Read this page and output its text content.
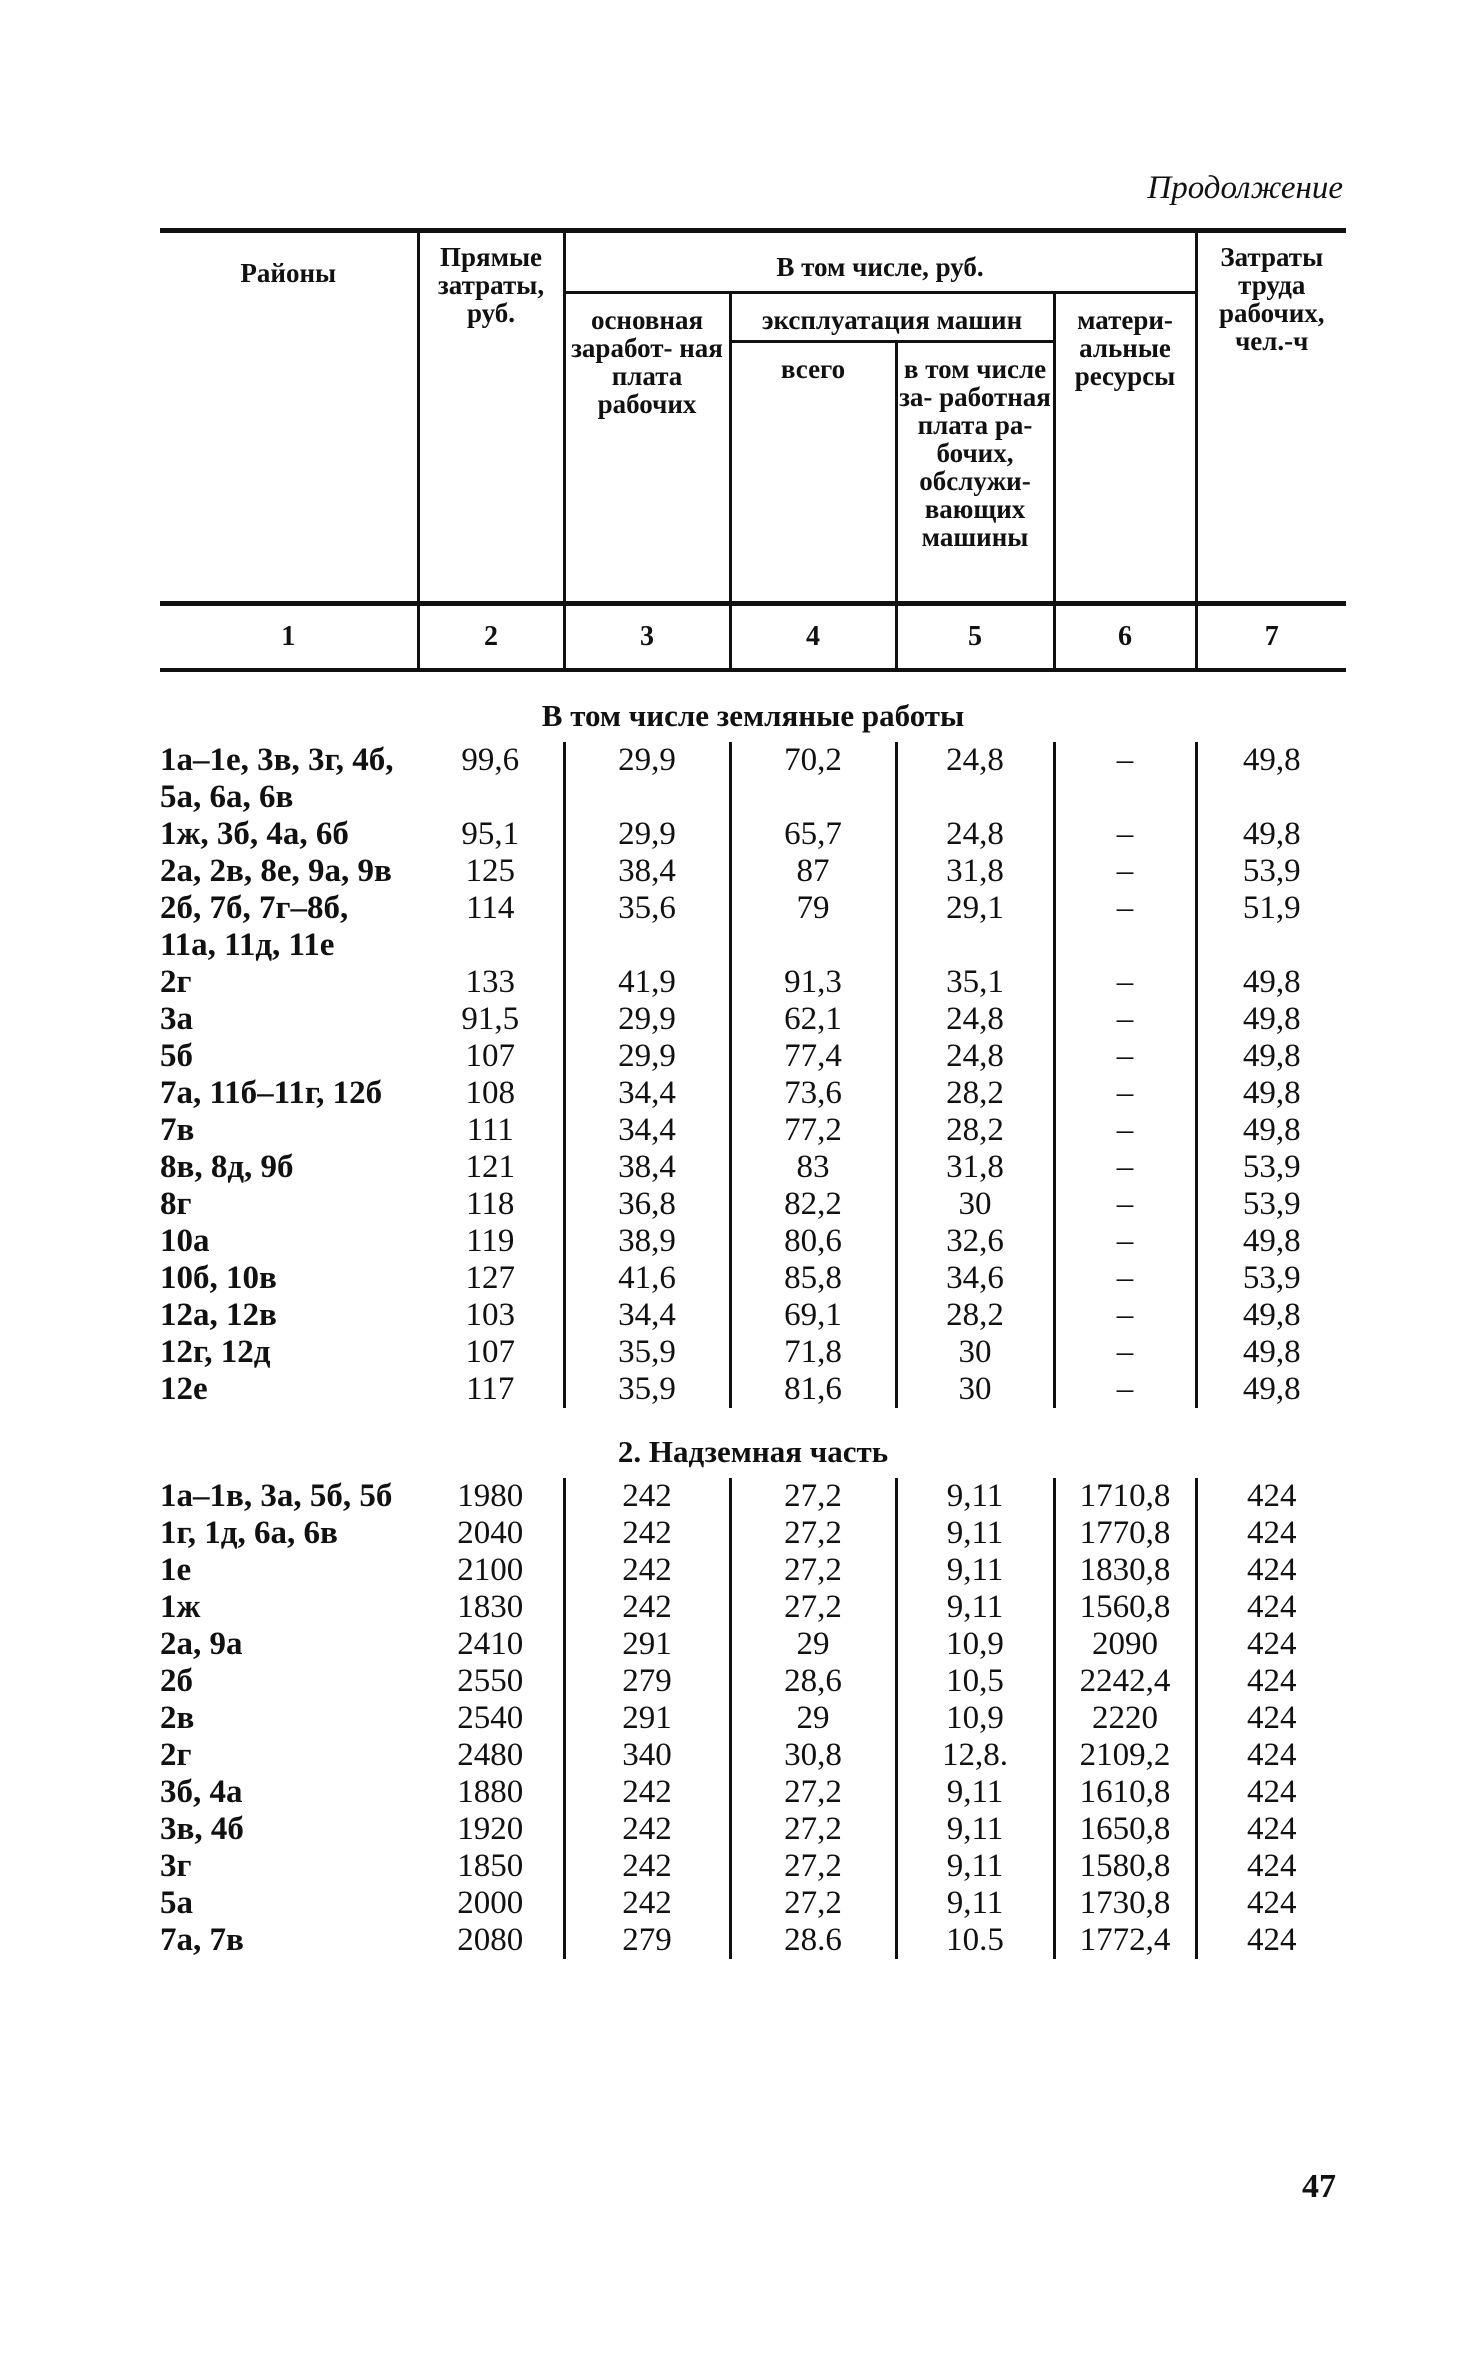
Продолжение
Районы	Прямые затраты, руб.	В том числе, руб.				Затраты труда рабочих, чел.-ч
		основная заработ- ная плата рабочих	эксплуатация машин		матери- альные ресурсы	
			всего	в том числе за- работная плата ра- бочих, обслужи- вающих машины		
1	2	3	4	5	6	7
В том числе земляные работы						
1а–1е, 3в, 3г, 4б, 5а, 6а, 6в	99,6	29,9	70,2	24,8	–	49,8
1ж, 3б, 4а, 6б	95,1	29,9	65,7	24,8	–	49,8
2а, 2в, 8е, 9а, 9в	125	38,4	87	31,8	–	53,9
2б, 7б, 7г–8б, 11а, 11д, 11е	114	35,6	79	29,1	–	51,9
2г	133	41,9	91,3	35,1	–	49,8
3а	91,5	29,9	62,1	24,8	–	49,8
5б	107	29,9	77,4	24,8	–	49,8
7а, 11б–11г, 12б	108	34,4	73,6	28,2	–	49,8
7в	111	34,4	77,2	28,2	–	49,8
8в, 8д, 9б	121	38,4	83	31,8	–	53,9
8г	118	36,8	82,2	30	–	53,9
10а	119	38,9	80,6	32,6	–	49,8
10б, 10в	127	41,6	85,8	34,6	–	53,9
12а, 12в	103	34,4	69,1	28,2	–	49,8
12г, 12д	107	35,9	71,8	30	–	49,8
12е	117	35,9	81,6	30	–	49,8
2. Надземная часть						
1а–1в, 3а, 5б, 5б	1980	242	27,2	9,11	1710,8	424
1г, 1д, 6а, 6в	2040	242	27,2	9,11	1770,8	424
1е	2100	242	27,2	9,11	1830,8	424
1ж	1830	242	27,2	9,11	1560,8	424
2а, 9а	2410	291	29	10,9	2090	424
2б	2550	279	28,6	10,5	2242,4	424
2в	2540	291	29	10,9	2220	424
2г	2480	340	30,8	12,8.	2109,2	424
3б, 4а	1880	242	27,2	9,11	1610,8	424
3в, 4б	1920	242	27,2	9,11	1650,8	424
3г	1850	242	27,2	9,11	1580,8	424
5а	2000	242	27,2	9,11	1730,8	424
7а, 7в	2080	279	28.6	10.5	1772,4	424
47
